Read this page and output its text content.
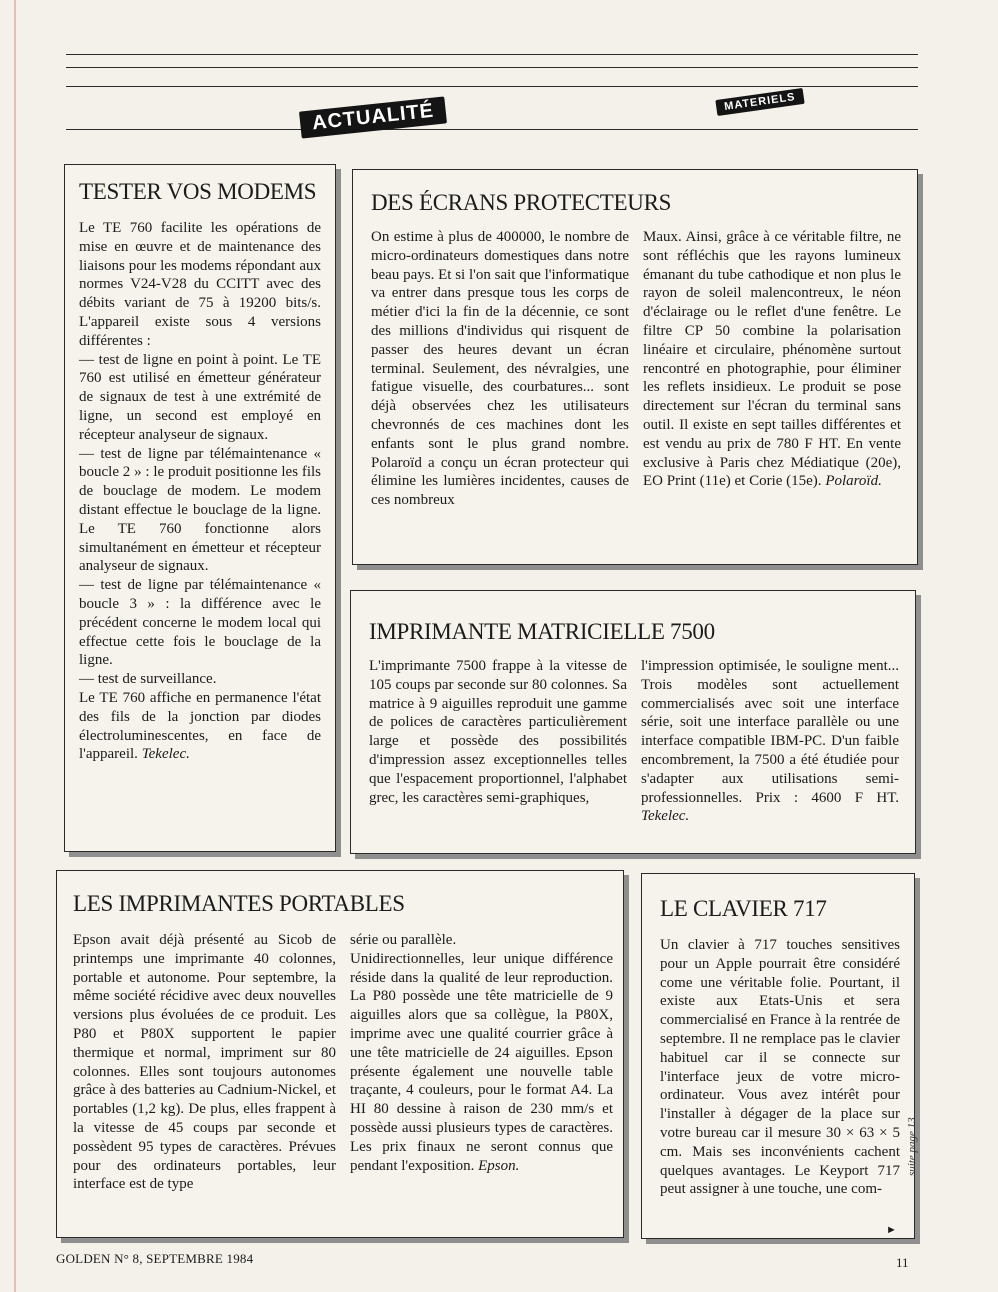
ACTUALITÉ	MATERIELS
TESTER VOS MODEMS

Le TE 760 facilite les opérations de mise en œuvre et de maintenance des liaisons pour les modems répondant aux normes V24-V28 du CCITT avec des débits variant de 75 à 19200 bits/s. L'appareil existe sous 4 versions différentes :
— test de ligne en point à point. Le TE 760 est utilisé en émetteur générateur de signaux de test à une extrémité de ligne, un second est employé en récepteur analyseur de signaux.
— test de ligne par télémaintenance « boucle 2 » : le produit positionne les fils de bouclage de modem. Le modem distant effectue le bouclage de la ligne. Le TE 760 fonctionne alors simultanément en émetteur et récepteur analyseur de signaux.
— test de ligne par télémaintenance « boucle 3 » : la différence avec le précédent concerne le modem local qui effectue cette fois le bouclage de la ligne.
— test de surveillance.
Le TE 760 affiche en permanence l'état des fils de la jonction par diodes électroluminescentes, en face de l'appareil. Tekelec.

DES ÉCRANS PROTECTEURS

On estime à plus de 400000, le nombre de micro-ordinateurs domestiques dans notre beau pays. Et si l'on sait que l'informatique va entrer dans presque tous les corps de métier d'ici la fin de la décennie, ce sont des millions d'individus qui risquent de passer des heures devant un écran terminal. Seulement, des névralgies, une fatigue visuelle, des courbatures... sont déjà observées chez les utilisateurs chevronnés de ces machines dont les enfants sont le plus grand nombre. Polaroïd a conçu un écran protecteur qui élimine les lumières incidentes, causes de ces nombreux

Maux. Ainsi, grâce à ce véritable filtre, ne sont réfléchis que les rayons lumineux émanant du tube cathodique et non plus le rayon de soleil malencontreux, le néon d'éclairage ou le reflet d'une fenêtre. Le filtre CP 50 combine la polarisation linéaire et circulaire, phénomène surtout rencontré en photographie, pour éliminer les reflets insidieux. Le produit se pose directement sur l'écran du terminal sans outil. Il existe en sept tailles différentes et est vendu au prix de 780 F HT. En vente exclusive à Paris chez Médiatique (20e), EO Print (11e) et Corie (15e). Polaroïd.

IMPRIMANTE MATRICIELLE 7500

L'imprimante 7500 frappe à la vitesse de 105 coups par seconde sur 80 colonnes. Sa matrice à 9 aiguilles reproduit une gamme de polices de caractères particulièrement large et possède des possibilités d'impression assez exceptionnelles telles que l'espacement proportionnel, l'alphabet grec, les caractères semi-graphiques,

l'impression optimisée, le souligne ment... Trois modèles sont actuellement commercialisés avec soit une interface série, soit une interface parallèle ou une interface compatible IBM-PC. D'un faible encombrement, la 7500 a été étudiée pour s'adapter aux utilisations semi-professionnelles. Prix : 4600 F HT. Tekelec.

LES IMPRIMANTES PORTABLES

Epson avait déjà présenté au Sicob de printemps une imprimante 40 colonnes, portable et autonome. Pour septembre, la même société récidive avec deux nouvelles versions plus évoluées de ce produit. Les P80 et P80X supportent le papier thermique et normal, impriment sur 80 colonnes. Elles sont toujours autonomes grâce à des batteries au Cadnium-Nickel, et portables (1,2 kg). De plus, elles frappent à la vitesse de 45 coups par seconde et possèdent 95 types de caractères. Prévues pour des ordinateurs portables, leur interface est de type

série ou parallèle.
Unidirectionnelles, leur unique différence réside dans la qualité de leur reproduction. La P80 possède une tête matricielle de 9 aiguilles alors que sa collègue, la P80X, imprime avec une qualité courrier grâce à une tête matricielle de 24 aiguilles. Epson présente également une nouvelle table traçante, 4 couleurs, pour le format A4. La HI 80 dessine à raison de 230 mm/s et possède aussi plusieurs types de caractères. Les prix finaux ne seront connus que pendant l'exposition. Epson.

LE CLAVIER 717

Un clavier à 717 touches sensitives pour un Apple pourrait être considéré come une véritable folie. Pourtant, il existe aux Etats-Unis et sera commercialisé en France à la rentrée de septembre. Il ne remplace pas le clavier habituel car il se connecte sur l'interface jeux de votre micro-ordinateur. Vous avez intérêt pour l'installer à dégager de la place sur votre bureau car il mesure 30 × 63 × 5 cm. Mais ses inconvénients cachent quelques avantages. Le Keyport 717 peut assigner à une touche, une com-

►
suite page 13
GOLDEN N° 8, SEPTEMBRE 1984	11
